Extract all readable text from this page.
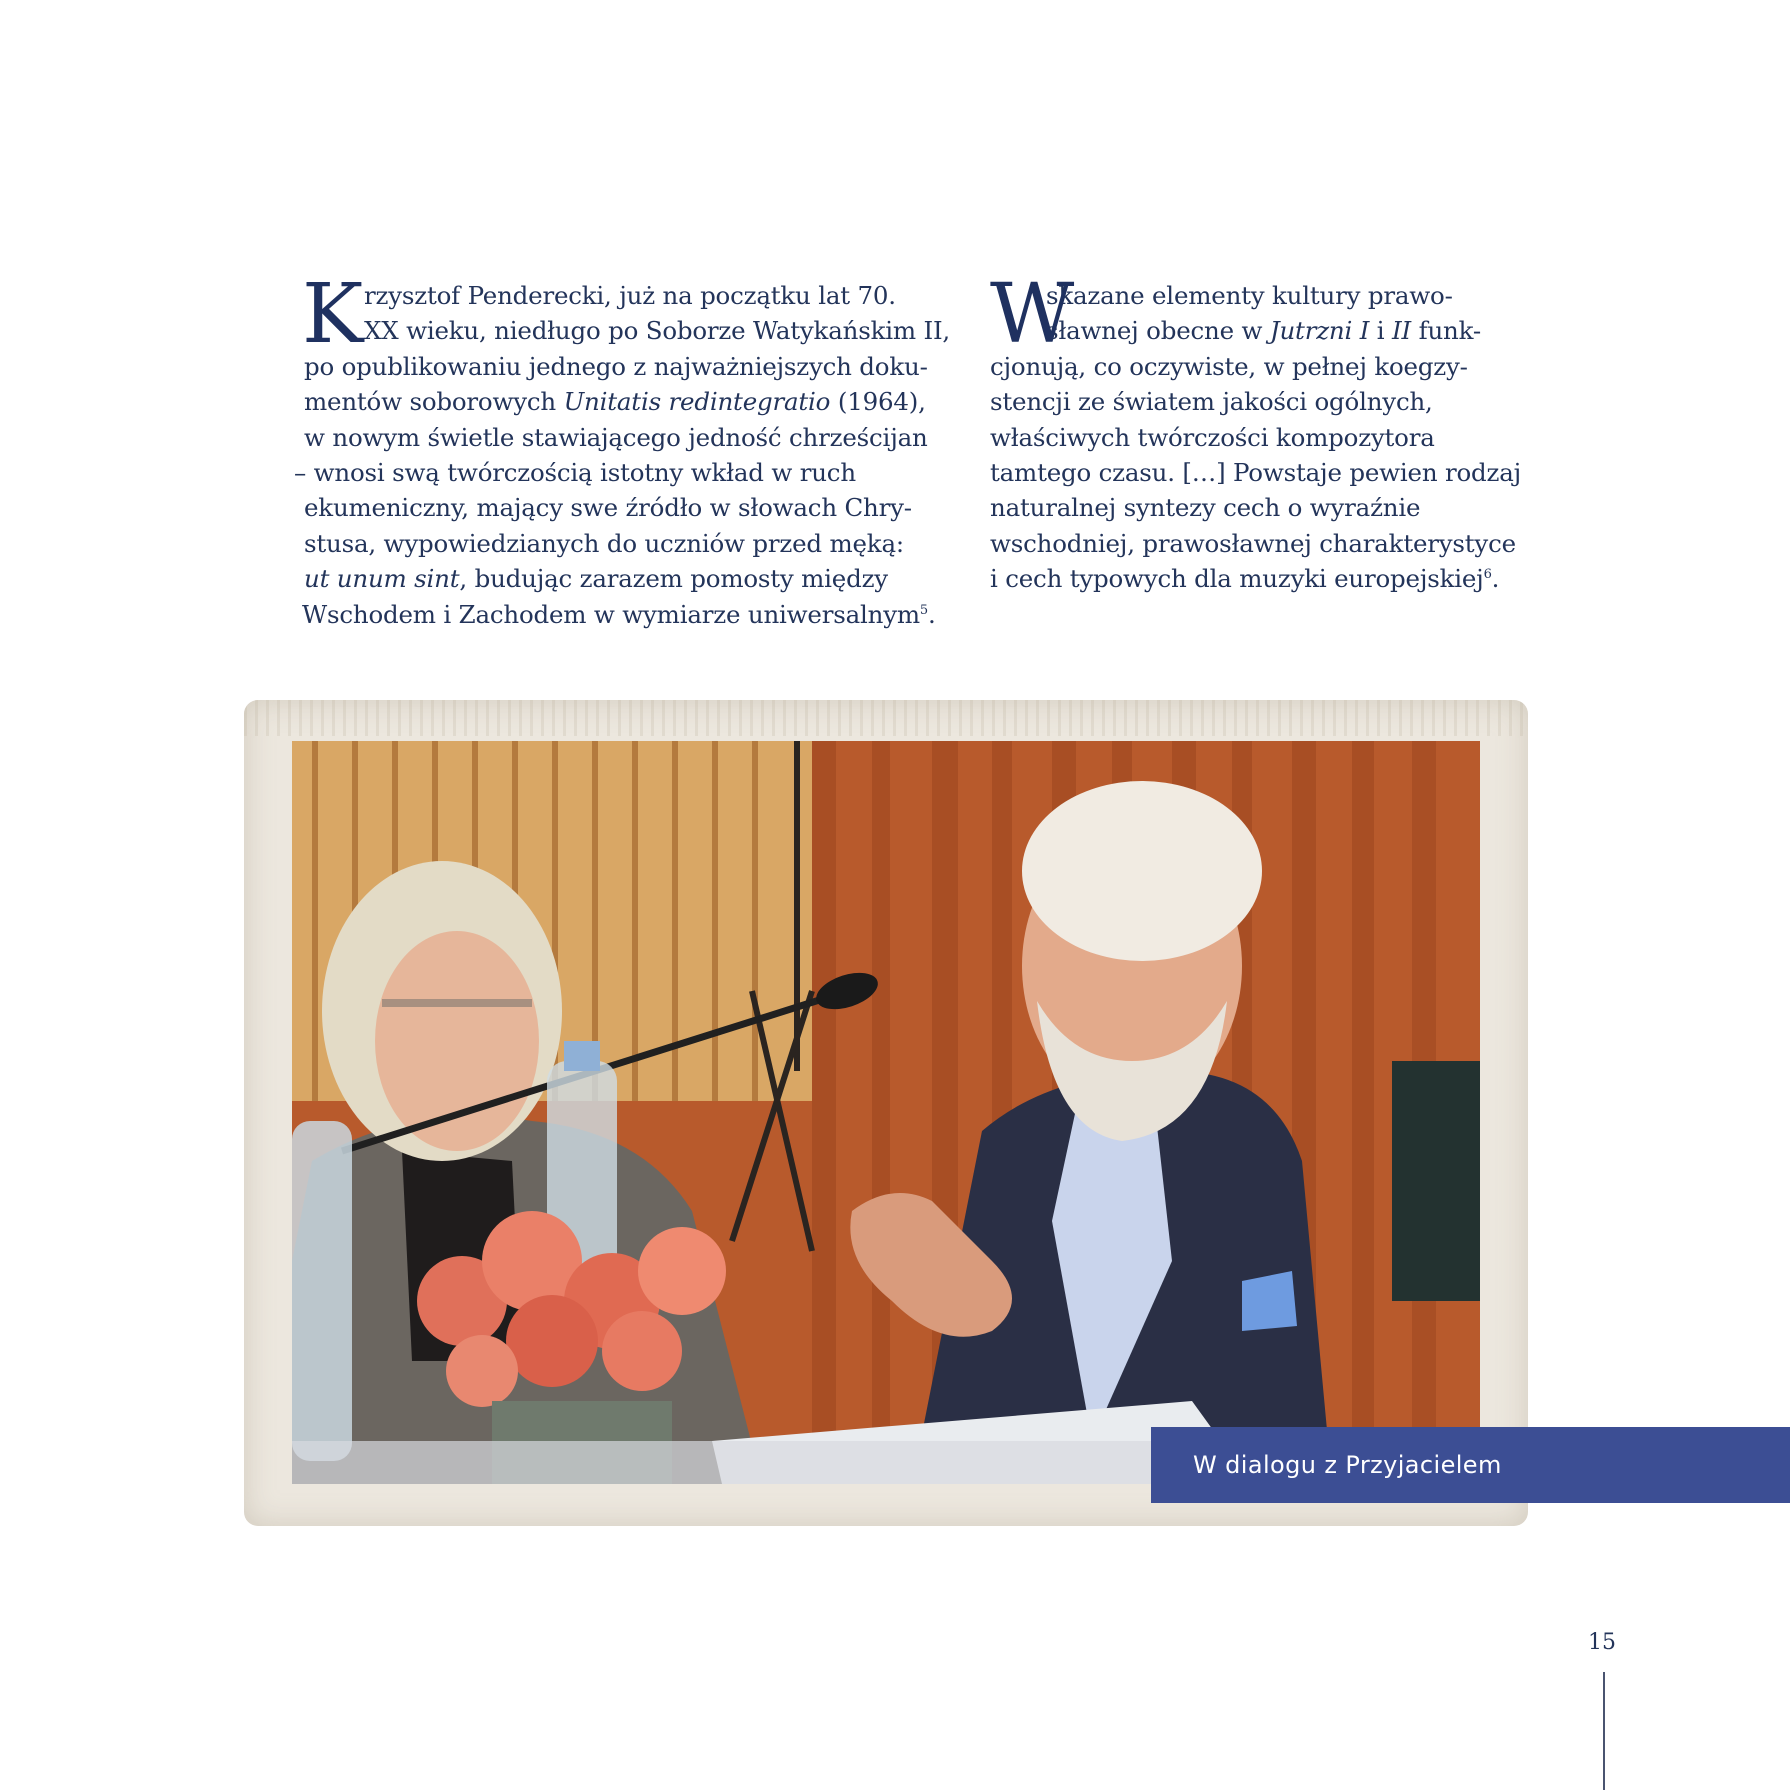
K rzysztof Penderecki, już na początku lat 70.
XX wieku, niedługo po Soborze Watykańskim II,
po opublikowaniu jednego z najważniejszych doku-
mentów soborowych Unitatis redintegratio (1964),
w nowym świetle stawiającego jedność chrześcijan
– wnosi swą twórczością istotny wkład w ruch
ekumeniczny, mający swe źródło w słowach Chry-
stusa, wypowiedzianych do uczniów przed męką:
ut unum sint, budując zarazem pomosty między
Wschodem i Zachodem w wymiarze uniwersalnym$^5$.
W
skazane elementy kultury prawo-
sławnej obecne w Jutrzni I i II funk-
cjonują, co oczywiste, w pełnej koegzy-
stencji ze światem jakości ogólnych,
właściwych twórczości kompozytora
tamtego czasu. […] Powstaje pewien rodzaj
naturalnej syntezy cech o wyraźnie
wschodniej, prawosławnej charakterystyce
i cech typowych dla muzyki europejskiej$^6$.
W dialogu z Przyjacielem
15
